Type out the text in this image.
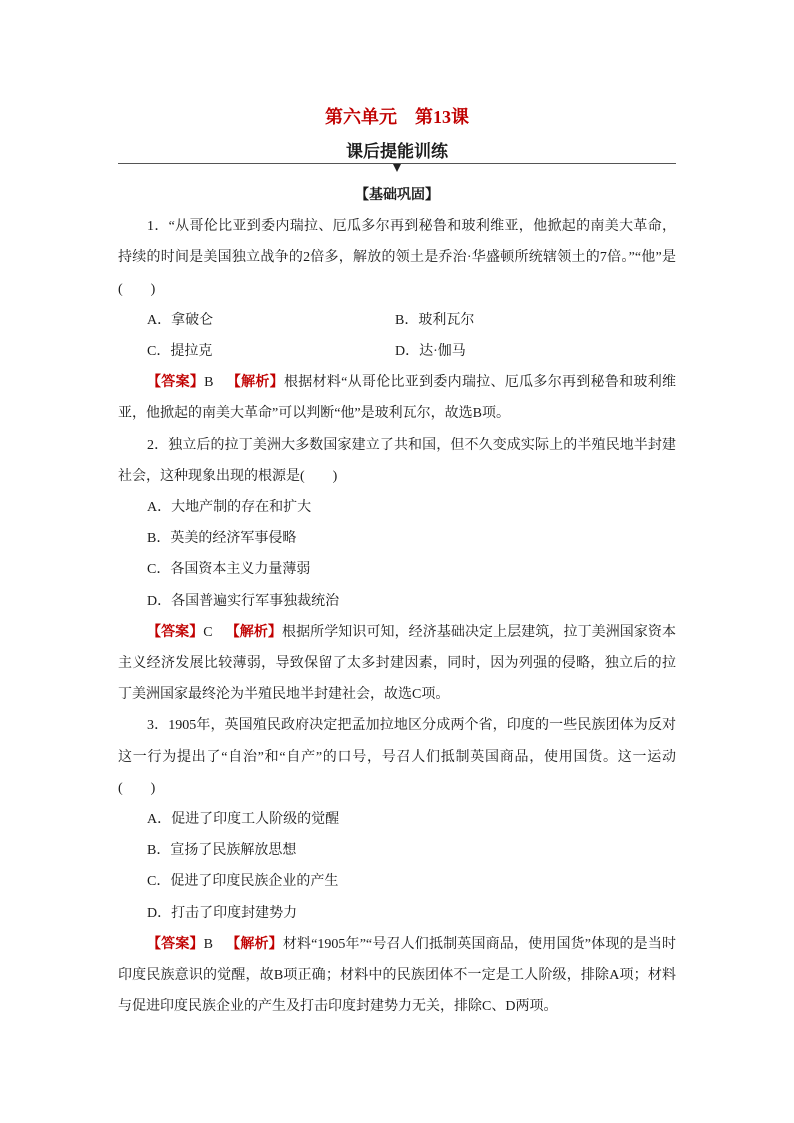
第六单元　第13课
课后提能训练
【基础巩固】

1．“从哥伦比亚到委内瑞拉、厄瓜多尔再到秘鲁和玻利维亚，他掀起的南美大革命，持续的时间是美国独立战争的2倍多，解放的领土是乔治·华盛顿所统辖领土的7倍。”“他”是(　　)

A．拿破仑	B．玻利瓦尔
C．提拉克	D．达·伽马

【答案】B 【解析】根据材料“从哥伦比亚到委内瑞拉、厄瓜多尔再到秘鲁和玻利维亚，他掀起的南美大革命”可以判断“他”是玻利瓦尔，故选B项。

2．独立后的拉丁美洲大多数国家建立了共和国，但不久变成实际上的半殖民地半封建社会，这种现象出现的根源是(　　)

A．大地产制的存在和扩大
B．英美的经济军事侵略
C．各国资本主义力量薄弱
D．各国普遍实行军事独裁统治

【答案】C 【解析】根据所学知识可知，经济基础决定上层建筑，拉丁美洲国家资本主义经济发展比较薄弱，导致保留了太多封建因素，同时，因为列强的侵略，独立后的拉丁美洲国家最终沦为半殖民地半封建社会，故选C项。

3．1905年，英国殖民政府决定把孟加拉地区分成两个省，印度的一些民族团体为反对这一行为提出了“自治”和“自产”的口号，号召人们抵制英国商品，使用国货。这一运动(　　)

A．促进了印度工人阶级的觉醒
B．宣扬了民族解放思想
C．促进了印度民族企业的产生
D．打击了印度封建势力

【答案】B 【解析】材料“1905年”“号召人们抵制英国商品，使用国货”体现的是当时印度民族意识的觉醒，故B项正确；材料中的民族团体不一定是工人阶级，排除A项；材料与促进印度民族企业的产生及打击印度封建势力无关，排除C、D两项。
